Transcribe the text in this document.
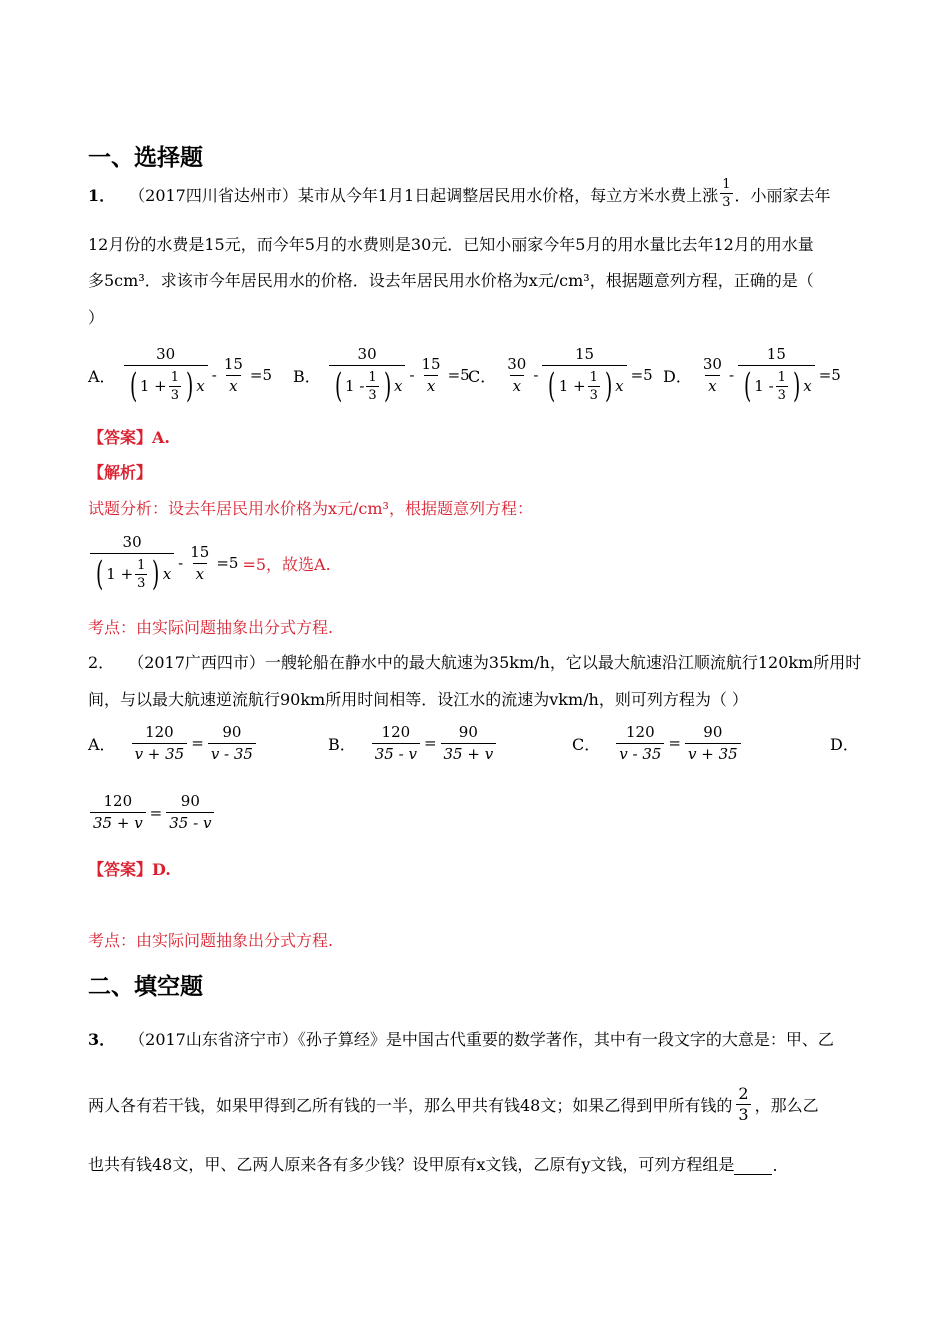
一、选择题
1． （2017四川省达州市）某市从今年1月1日起调整居民用水价格，每立方米水费上涨 $\frac{1}{3}$ ．小丽家去年
12月份的水费是15元，而今年5月的水费则是30元．已知小丽家今年5月的用水量比去年12月的用水量
多5cm³．求该市今年居民用水的价格．设去年居民用水价格为x元/cm³，根据题意列方程，正确的是（
）
A． $\frac{30}{( 1 + \frac{1}{3} ) x} - \frac{15}{x} =5$ B． $\frac{30}{( 1 - \frac{1}{3} ) x} - \frac{15}{x} =5$
C． $\frac{30}{x} - \frac{15}{( 1 + \frac{1}{3} ) x} =5$ D． $\frac{30}{x} - \frac{15}{( 1 - \frac{1}{3} ) x} =5$
【答案】A.
【解析】
试题分析：设去年居民用水价格为x元/cm³，根据题意列方程：
$\frac{30}{( 1 + \frac{1}{3} ) x} - \frac{15}{x} =5 =5$，故选A.
考点：由实际问题抽象出分式方程.
2． （2017广西四市）一艘轮船在静水中的最大航速为35km/h，它以最大航速沿江顺流航行120km所用时
间，与以最大航速逆流航行90km所用时间相等．设江水的流速为vkm/h，则可列方程为（ ）
A． $\frac{120}{v + 35} = \frac{90}{v - 35}$	B． $\frac{120}{35 - v} = \frac{90}{35 + v}$	C． $\frac{120}{v - 35} = \frac{90}{v + 35}$	D．
$\frac{120}{35 + v} = \frac{90}{35 - v}$
【答案】D.
考点：由实际问题抽象出分式方程.
二、填空题
3． （2017山东省济宁市）《孙子算经》是中国古代重要的数学著作，其中有一段文字的大意是：甲、乙
两人各有若干钱，如果甲得到乙所有钱的一半，那么甲共有钱48文；如果乙得到甲所有钱的 $\frac{2}{3}$ ，那么乙
也共有钱48文，甲、乙两人原来各有多少钱？设甲原有x文钱，乙原有y文钱，可列方程组是 .
